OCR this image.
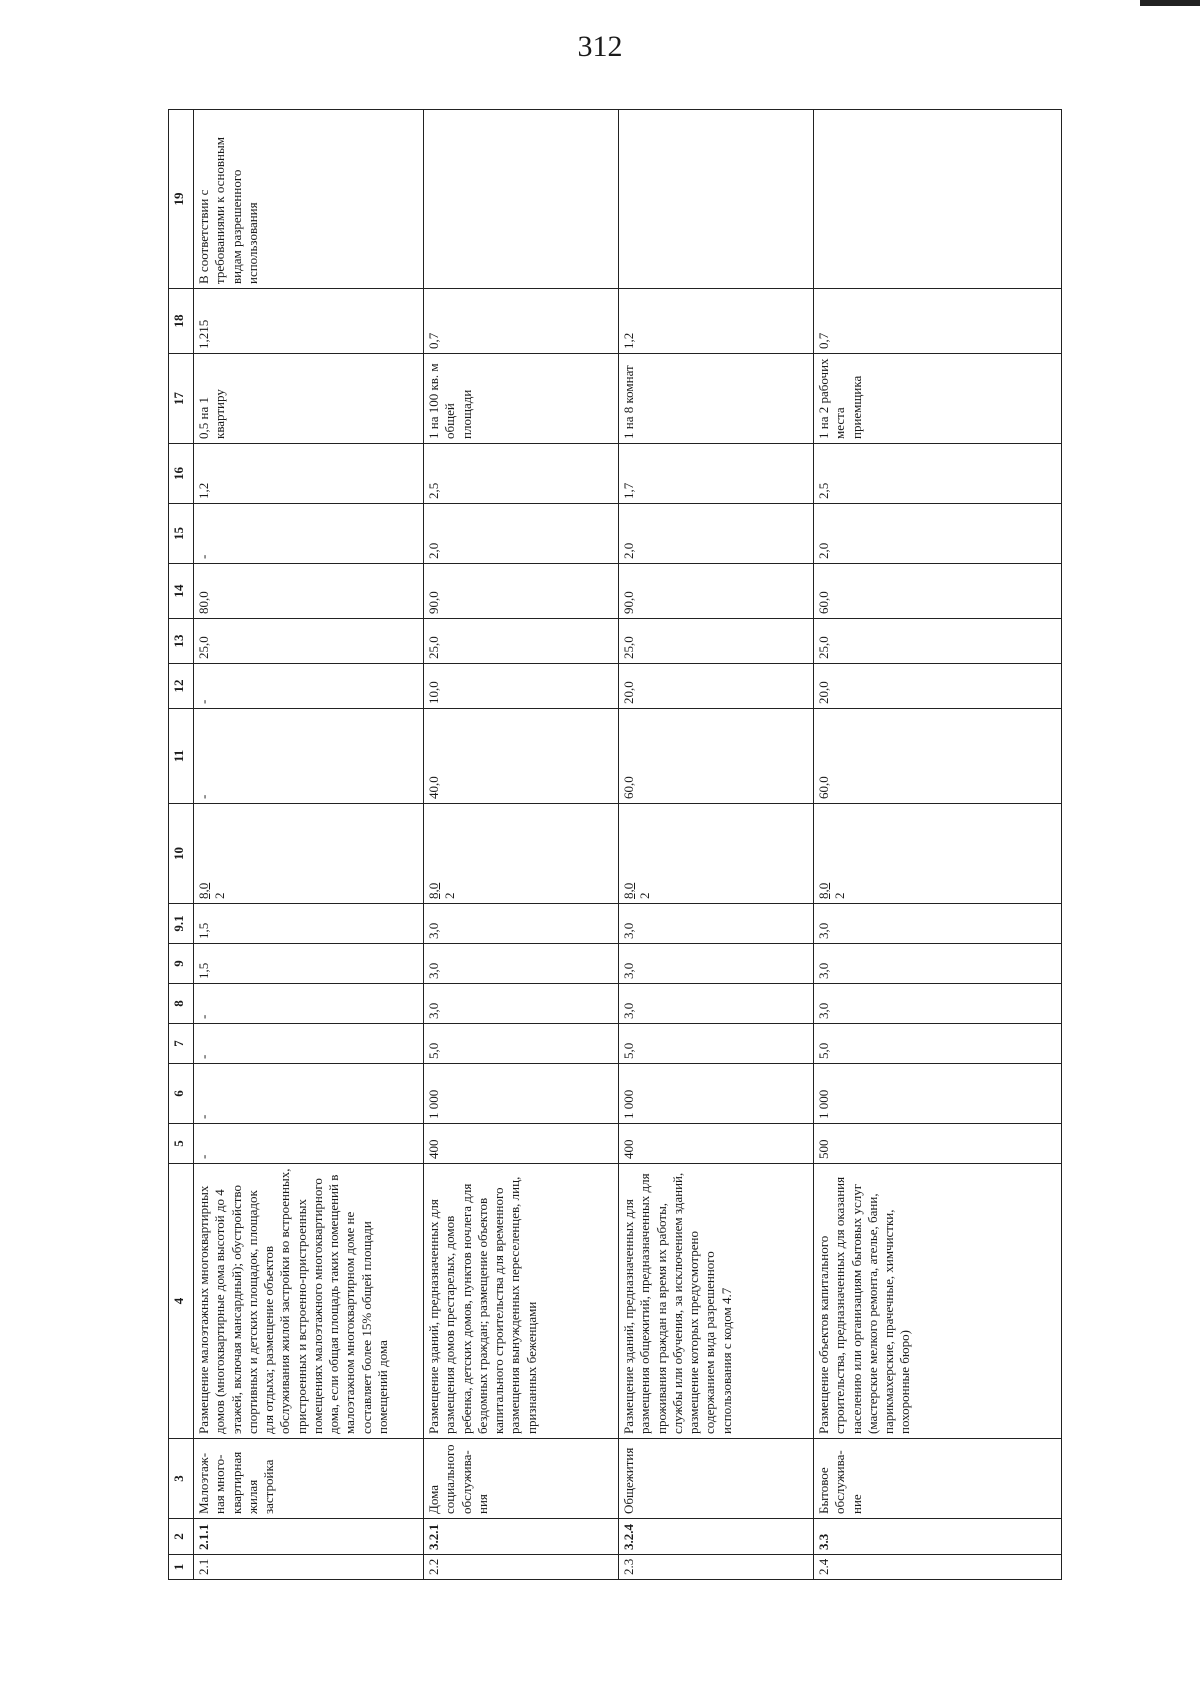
312
1	2	3	4	5	6	7	8	9	9.1	10	11	12	13	14	15	16	17	18	19
2.1	2.1.1	Малоэтаж-ная много-квартирная жилая застройка	Размещение малоэтажных многоквартирных домов (многоквартирные дома высотой до 4 этажей, включая мансардный); обустройство спортивных и детских площадок, площадок для отдыха; размещение объектов обслуживания жилой застройки во встроенных, пристроенных и встроенно-пристроенных помещениях малоэтажного многоквартирного дома, если общая площадь таких помещений в малоэтажном многоквартирном доме не составляет более 15% общей площади помещений дома	-	-	-	-	1,5	1,5	8,0 2	-	-	25,0	80,0	-	1,2	0,5 на 1 квартиру	1,215	В соответствии с требованиями к основным видам разрешенного использования
2.2	3.2.1	Дома социального обслужива-ния	Размещение зданий, предназначенных для размещения домов престарелых, домов ребенка, детских домов, пунктов ночлега для бездомных граждан; размещение объектов капитального строительства для временного размещения вынужденных переселенцев, лиц, признанных беженцами	400	1 000	5,0	3,0	3,0	3,0	8,0 2	40,0	10,0	25,0	90,0	2,0	2,5	1 на 100 кв. м общей площади	0,7	
2.3	3.2.4	Общежития	Размещение зданий, предназначенных для размещения общежитий, предназначенных для проживания граждан на время их работы, службы или обучения, за исключением зданий, размещение которых предусмотрено содержанием вида разрешенного использования с кодом 4.7	400	1 000	5,0	3,0	3,0	3,0	8,0 2	60,0	20,0	25,0	90,0	2,0	1,7	1 на 8 комнат	1,2	
2.4	3.3	Бытовое обслужива-ние	Размещение объектов капитального строительства, предназначенных для оказания населению или организациям бытовых услуг (мастерские мелкого ремонта, ателье, бани, парикмахерские, прачечные, химчистки, похоронные бюро)	500	1 000	5,0	3,0	3,0	3,0	8,0 2	60,0	20,0	25,0	60,0	2,0	2,5	1 на 2 рабочих места приемщика	0,7	
